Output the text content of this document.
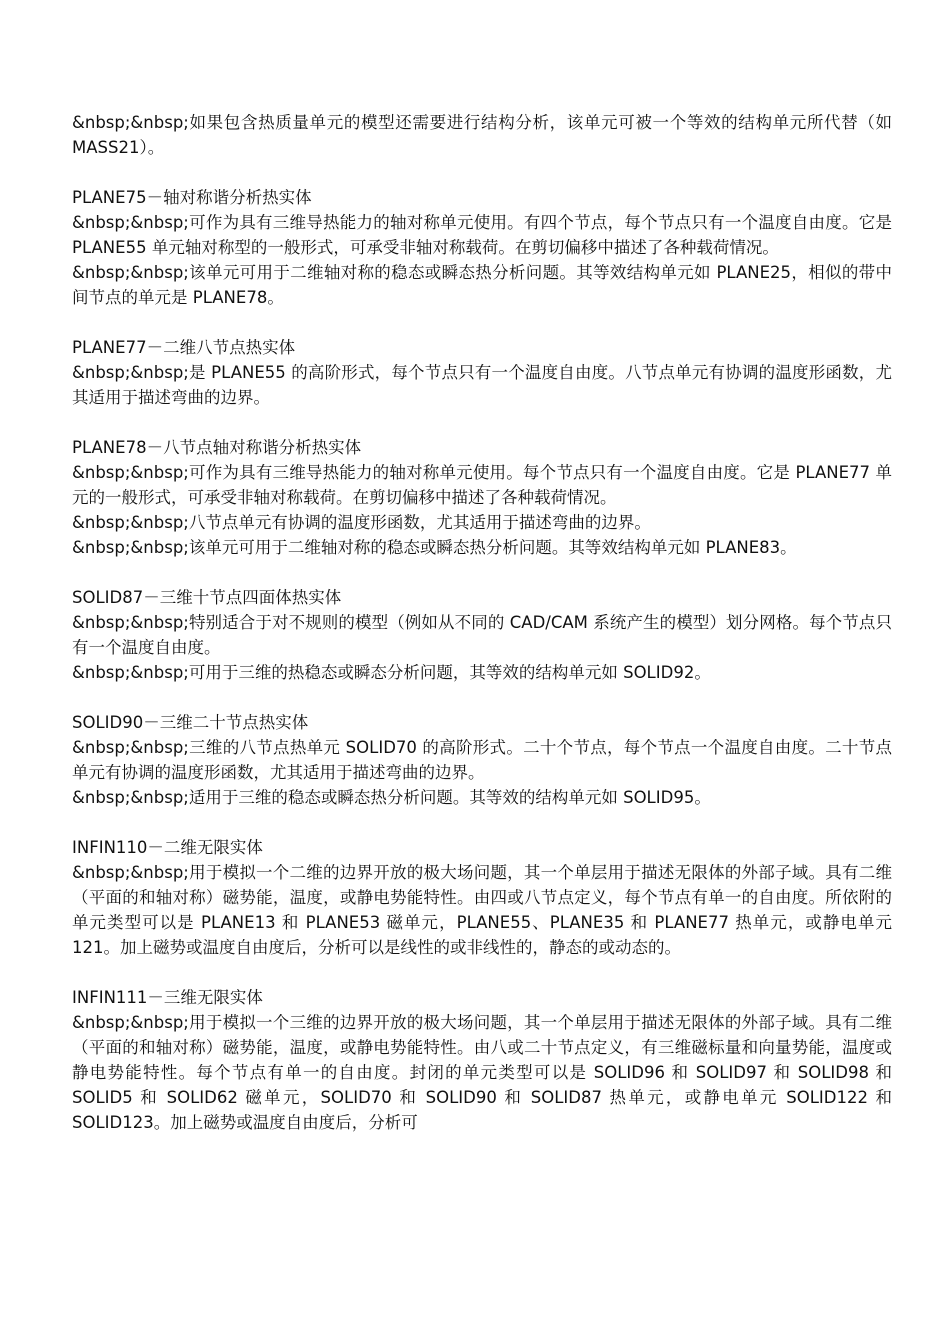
&nbsp;&nbsp;如果包含热质量单元的模型还需要进行结构分析，该单元可被一个等效的结构单元所代替（如 MASS21）。

PLANE75－轴对称谐分析热实体

&nbsp;&nbsp;可作为具有三维导热能力的轴对称单元使用。有四个节点，每个节点只有一个温度自由度。它是 PLANE55 单元轴对称型的一般形式，可承受非轴对称载荷。在剪切偏移中描述了各种载荷情况。

&nbsp;&nbsp;该单元可用于二维轴对称的稳态或瞬态热分析问题。其等效结构单元如 PLANE25，相似的带中间节点的单元是 PLANE78。

PLANE77－二维八节点热实体

&nbsp;&nbsp;是 PLANE55 的高阶形式，每个节点只有一个温度自由度。八节点单元有协调的温度形函数，尤其适用于描述弯曲的边界。

PLANE78－八节点轴对称谐分析热实体

&nbsp;&nbsp;可作为具有三维导热能力的轴对称单元使用。每个节点只有一个温度自由度。它是 PLANE77 单元的一般形式，可承受非轴对称载荷。在剪切偏移中描述了各种载荷情况。

&nbsp;&nbsp;八节点单元有协调的温度形函数，尤其适用于描述弯曲的边界。

&nbsp;&nbsp;该单元可用于二维轴对称的稳态或瞬态热分析问题。其等效结构单元如 PLANE83。

SOLID87－三维十节点四面体热实体

&nbsp;&nbsp;特别适合于对不规则的模型（例如从不同的 CAD/CAM 系统产生的模型）划分网格。每个节点只有一个温度自由度。

&nbsp;&nbsp;可用于三维的热稳态或瞬态分析问题，其等效的结构单元如 SOLID92。

SOLID90－三维二十节点热实体

&nbsp;&nbsp;三维的八节点热单元 SOLID70 的高阶形式。二十个节点，每个节点一个温度自由度。二十节点单元有协调的温度形函数，尤其适用于描述弯曲的边界。

&nbsp;&nbsp;适用于三维的稳态或瞬态热分析问题。其等效的结构单元如 SOLID95。

INFIN110－二维无限实体

&nbsp;&nbsp;用于模拟一个二维的边界开放的极大场问题，其一个单层用于描述无限体的外部子域。具有二维（平面的和轴对称）磁势能，温度，或静电势能特性。由四或八节点定义，每个节点有单一的自由度。所依附的单元类型可以是 PLANE13 和 PLANE53 磁单元，PLANE55、PLANE35 和 PLANE77 热单元，或静电单元 121。加上磁势或温度自由度后，分析可以是线性的或非线性的，静态的或动态的。

INFIN111－三维无限实体

&nbsp;&nbsp;用于模拟一个三维的边界开放的极大场问题，其一个单层用于描述无限体的外部子域。具有二维（平面的和轴对称）磁势能，温度，或静电势能特性。由八或二十节点定义，有三维磁标量和向量势能，温度或静电势能特性。每个节点有单一的自由度。封闭的单元类型可以是 SOLID96 和 SOLID97 和 SOLID98 和 SOLID5 和 SOLID62 磁单元，SOLID70 和 SOLID90 和 SOLID87 热单元，或静电单元 SOLID122 和 SOLID123。加上磁势或温度自由度后，分析可
